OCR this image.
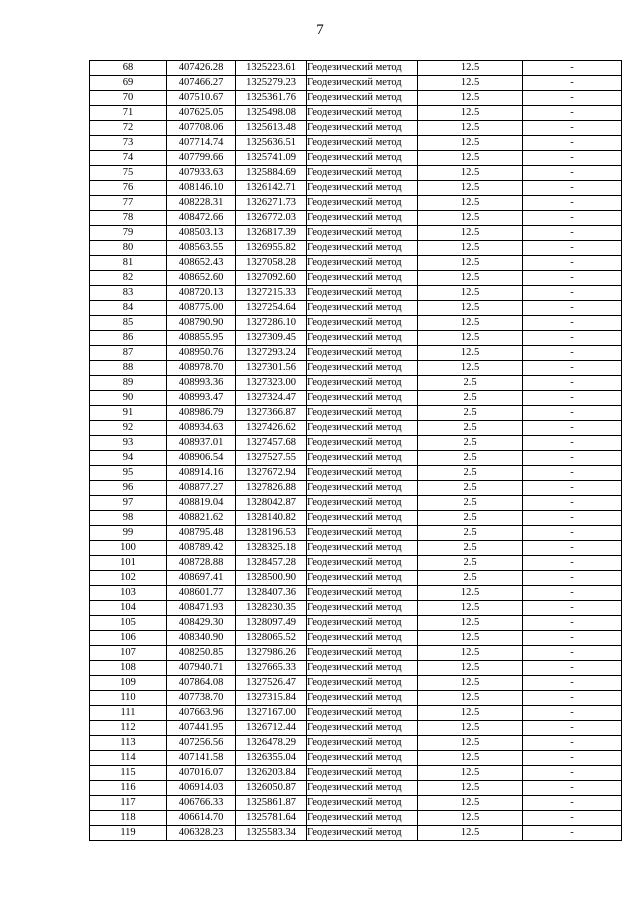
7
68	407426.28	1325223.61	Геодезический метод	12.5	-
69	407466.27	1325279.23	Геодезический метод	12.5	-
70	407510.67	1325361.76	Геодезический метод	12.5	-
71	407625.05	1325498.08	Геодезический метод	12.5	-
72	407708.06	1325613.48	Геодезический метод	12.5	-
73	407714.74	1325636.51	Геодезический метод	12.5	-
74	407799.66	1325741.09	Геодезический метод	12.5	-
75	407933.63	1325884.69	Геодезический метод	12.5	-
76	408146.10	1326142.71	Геодезический метод	12.5	-
77	408228.31	1326271.73	Геодезический метод	12.5	-
78	408472.66	1326772.03	Геодезический метод	12.5	-
79	408503.13	1326817.39	Геодезический метод	12.5	-
80	408563.55	1326955.82	Геодезический метод	12.5	-
81	408652.43	1327058.28	Геодезический метод	12.5	-
82	408652.60	1327092.60	Геодезический метод	12.5	-
83	408720.13	1327215.33	Геодезический метод	12.5	-
84	408775.00	1327254.64	Геодезический метод	12.5	-
85	408790.90	1327286.10	Геодезический метод	12.5	-
86	408855.95	1327309.45	Геодезический метод	12.5	-
87	408950.76	1327293.24	Геодезический метод	12.5	-
88	408978.70	1327301.56	Геодезический метод	12.5	-
89	408993.36	1327323.00	Геодезический метод	2.5	-
90	408993.47	1327324.47	Геодезический метод	2.5	-
91	408986.79	1327366.87	Геодезический метод	2.5	-
92	408934.63	1327426.62	Геодезический метод	2.5	-
93	408937.01	1327457.68	Геодезический метод	2.5	-
94	408906.54	1327527.55	Геодезический метод	2.5	-
95	408914.16	1327672.94	Геодезический метод	2.5	-
96	408877.27	1327826.88	Геодезический метод	2.5	-
97	408819.04	1328042.87	Геодезический метод	2.5	-
98	408821.62	1328140.82	Геодезический метод	2.5	-
99	408795.48	1328196.53	Геодезический метод	2.5	-
100	408789.42	1328325.18	Геодезический метод	2.5	-
101	408728.88	1328457.28	Геодезический метод	2.5	-
102	408697.41	1328500.90	Геодезический метод	2.5	-
103	408601.77	1328407.36	Геодезический метод	12.5	-
104	408471.93	1328230.35	Геодезический метод	12.5	-
105	408429.30	1328097.49	Геодезический метод	12.5	-
106	408340.90	1328065.52	Геодезический метод	12.5	-
107	408250.85	1327986.26	Геодезический метод	12.5	-
108	407940.71	1327665.33	Геодезический метод	12.5	-
109	407864.08	1327526.47	Геодезический метод	12.5	-
110	407738.70	1327315.84	Геодезический метод	12.5	-
111	407663.96	1327167.00	Геодезический метод	12.5	-
112	407441.95	1326712.44	Геодезический метод	12.5	-
113	407256.56	1326478.29	Геодезический метод	12.5	-
114	407141.58	1326355.04	Геодезический метод	12.5	-
115	407016.07	1326203.84	Геодезический метод	12.5	-
116	406914.03	1326050.87	Геодезический метод	12.5	-
117	406766.33	1325861.87	Геодезический метод	12.5	-
118	406614.70	1325781.64	Геодезический метод	12.5	-
119	406328.23	1325583.34	Геодезический метод	12.5	-
